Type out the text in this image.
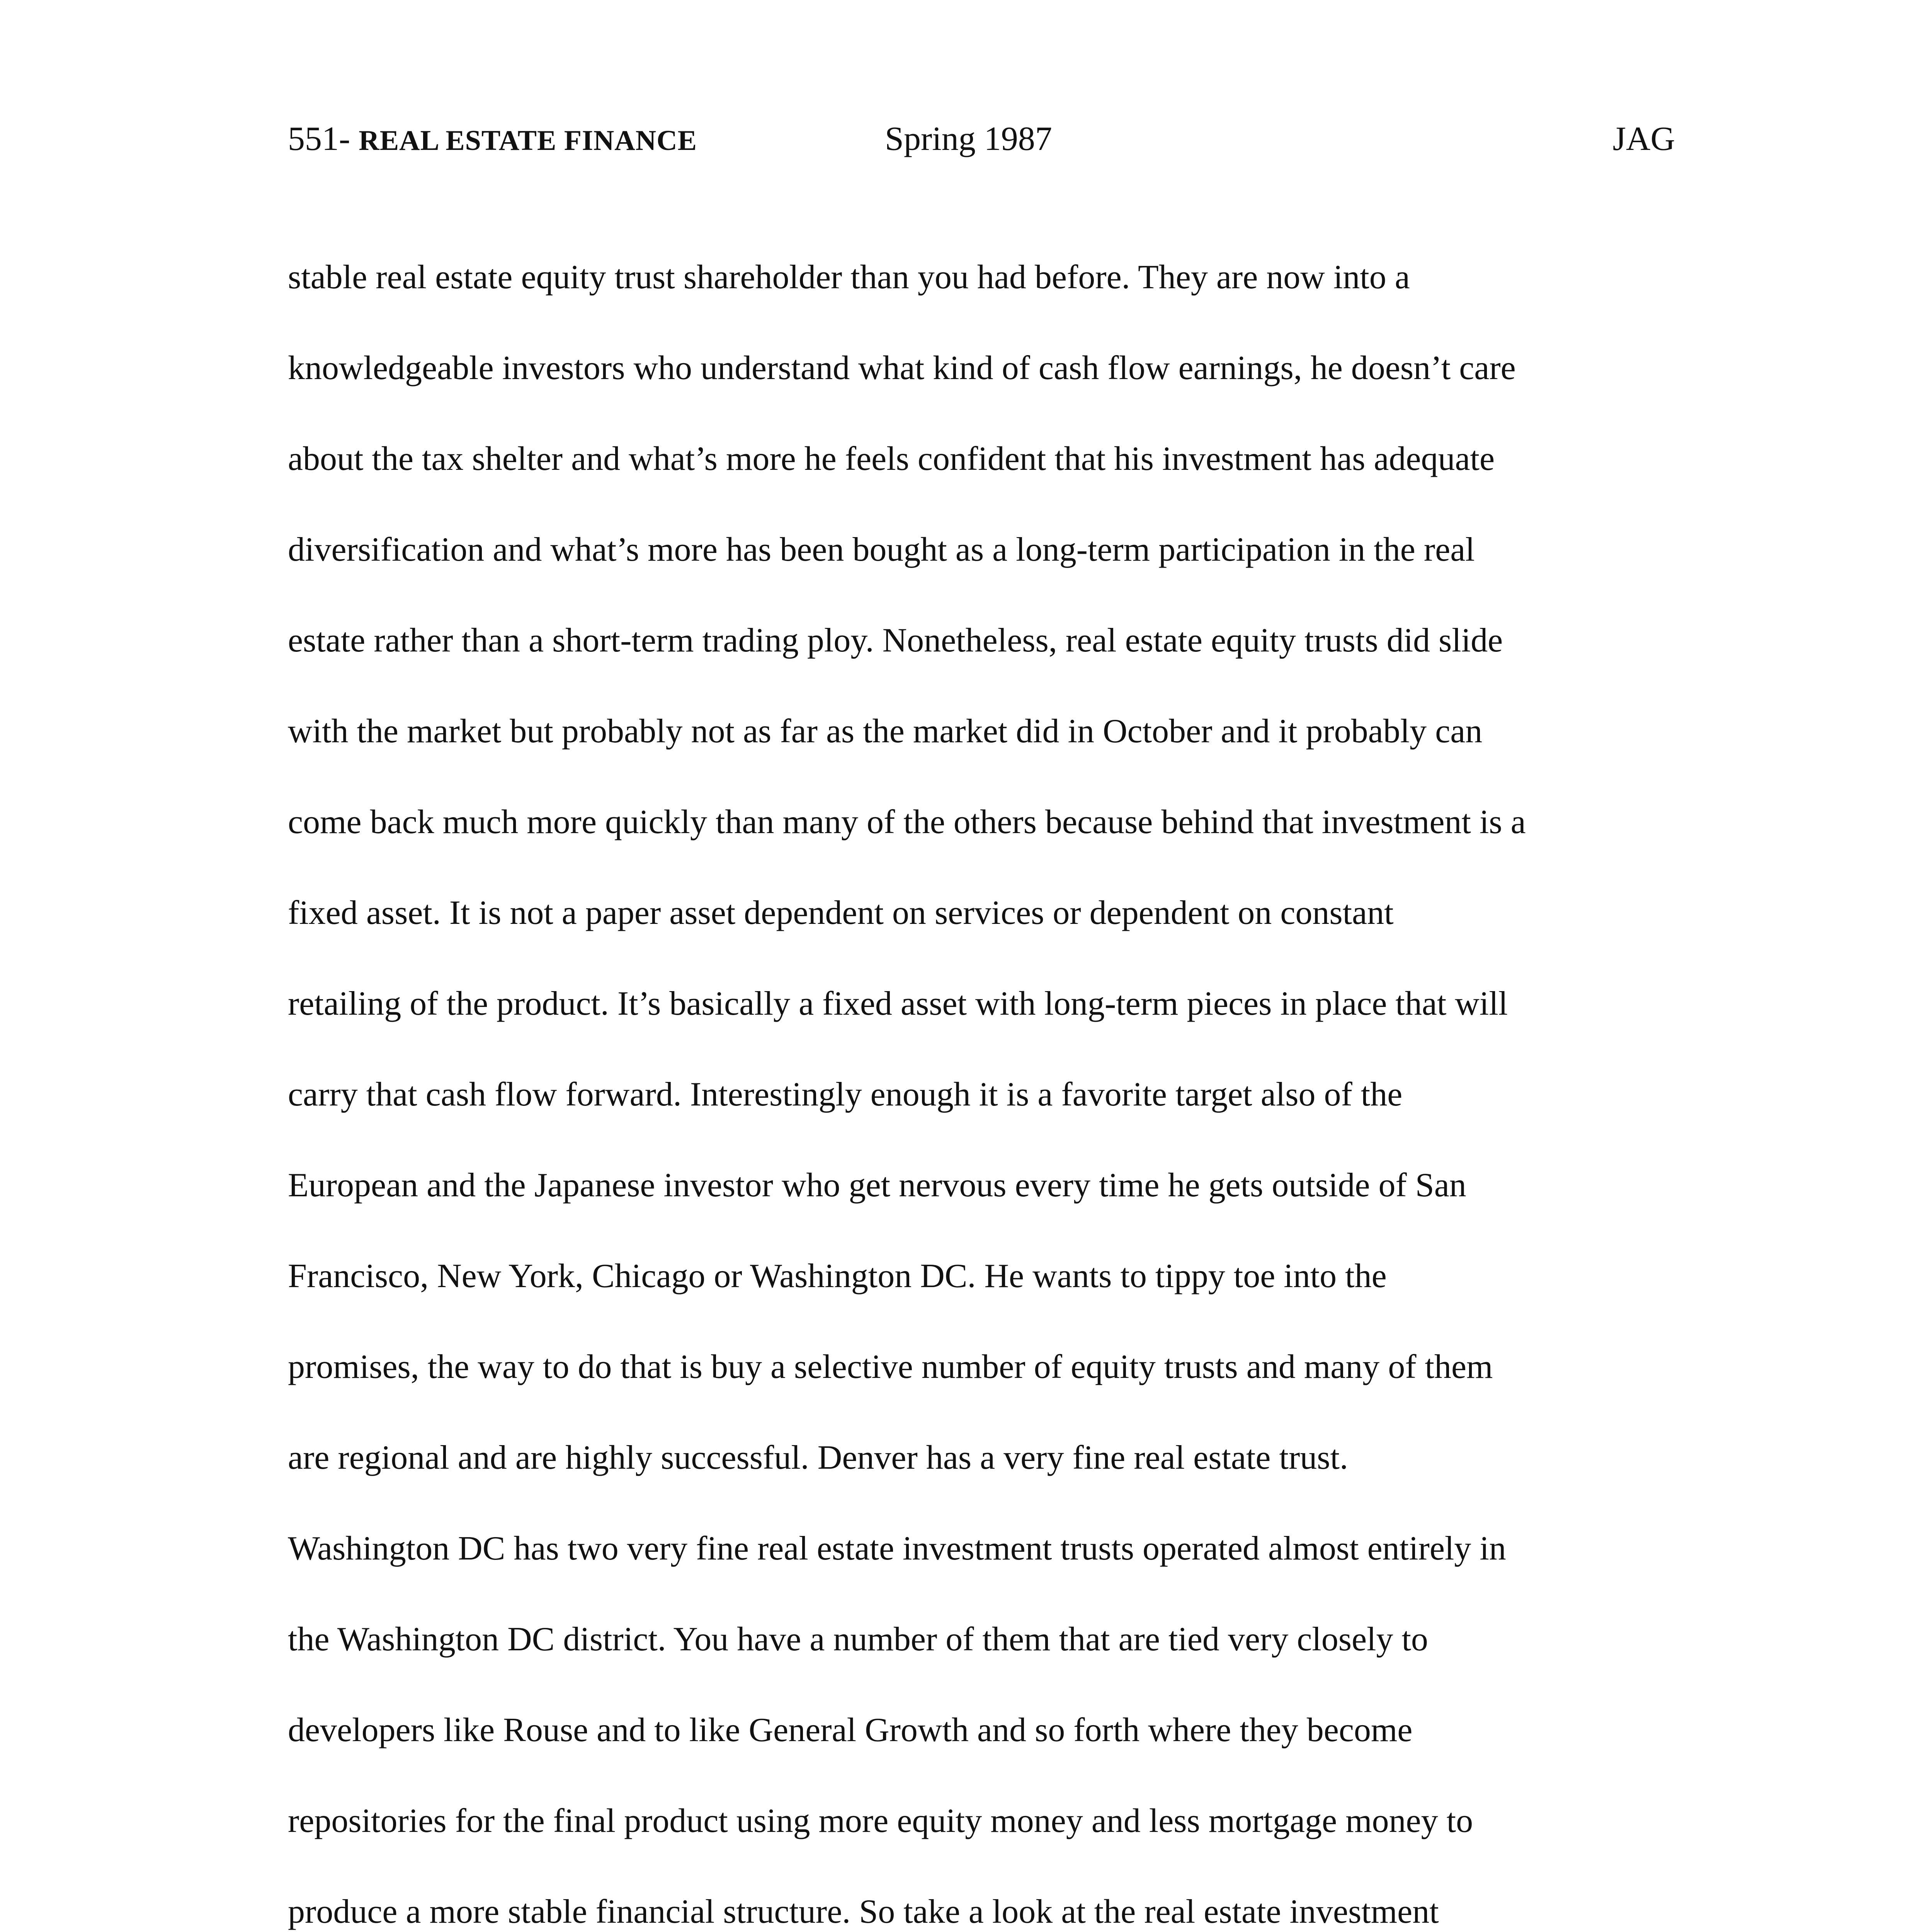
551- REAL ESTATE FINANCE	Spring 1987	JAG
stable real estate equity trust shareholder than you had before. They are now into a
knowledgeable investors who understand what kind of cash flow earnings, he doesn’t care
about the tax shelter and what’s more he feels confident that his investment has adequate
diversification and what’s more has been bought as a long-term participation in the real
estate rather than a short-term trading ploy. Nonetheless, real estate equity trusts did slide
with the market but probably not as far as the market did in October and it probably can
come back much more quickly than many of the others because behind that investment is a
fixed asset. It is not a paper asset dependent on services or dependent on constant
retailing of the product. It’s basically a fixed asset with long-term pieces in place that will
carry that cash flow forward. Interestingly enough it is a favorite target also of the
European and the Japanese investor who get nervous every time he gets outside of San
Francisco, New York, Chicago or Washington DC. He wants to tippy toe into the
promises, the way to do that is buy a selective number of equity trusts and many of them
are regional and are highly successful. Denver has a very fine real estate trust.
Washington DC has two very fine real estate investment trusts operated almost entirely in
the Washington DC district. You have a number of them that are tied very closely to
developers like Rouse and to like General Growth and so forth where they become
repositories for the final product using more equity money and less mortgage money to
produce a more stable financial structure. So take a look at the real estate investment
